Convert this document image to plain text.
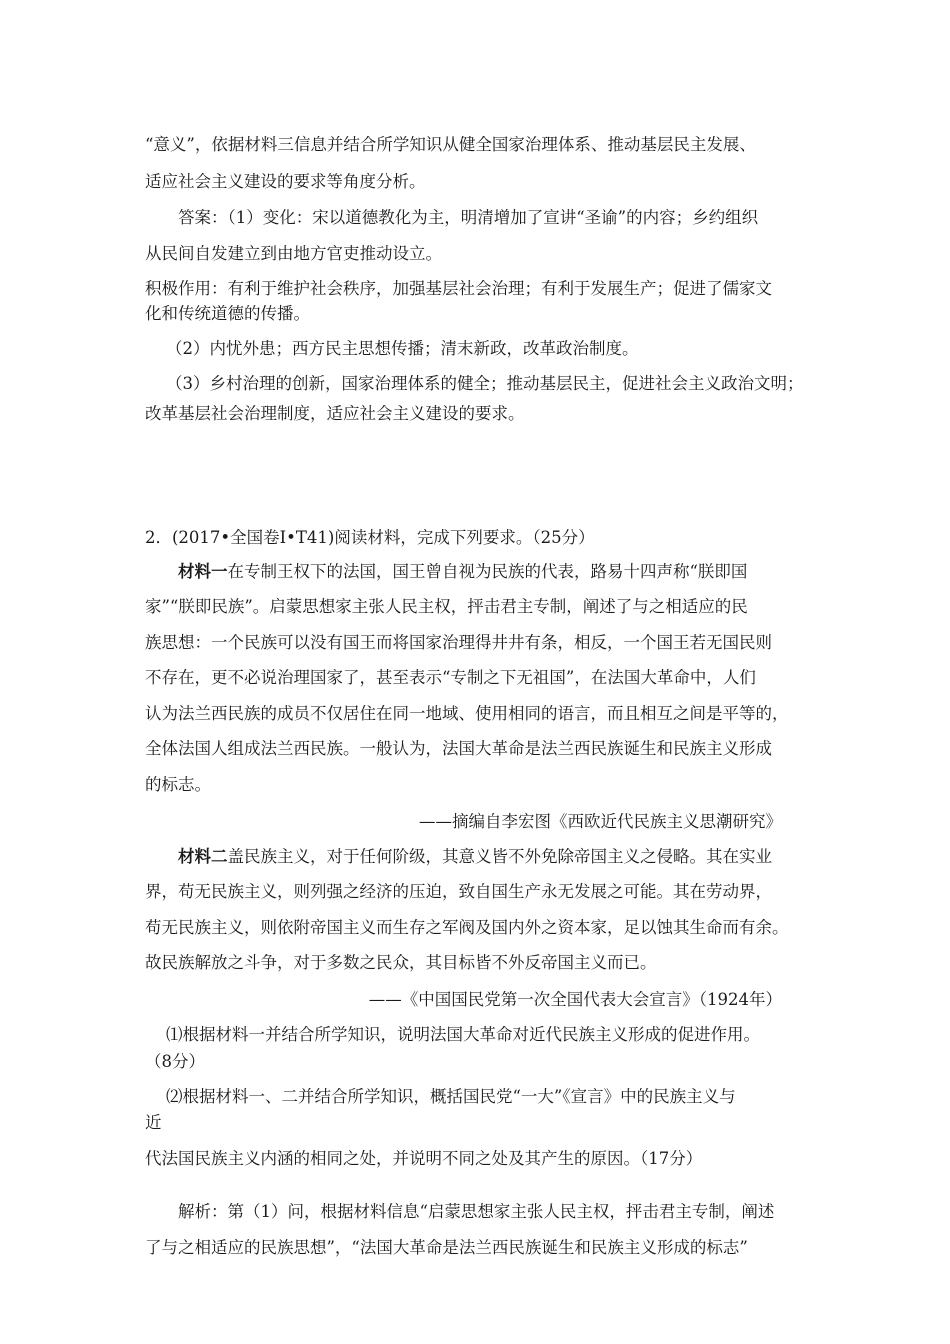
“意义”，依据材料三信息并结合所学知识从健全国家治理体系、推动基层民主发展、

适应社会主义建设的要求等角度分析。

答案：（1）变化：宋以道德教化为主，明清增加了宣讲“圣谕”的内容；乡约组织

从民间自发建立到由地方官吏推动设立。

积极作用：有利于维护社会秩序，加强基层社会治理；有利于发展生产；促进了儒家文

化和传统道德的传播。

（2）内忧外患；西方民主思想传播；清末新政，改革政治制度。

（3）乡村治理的创新，国家治理体系的健全；推动基层民主，促进社会主义政治文明；

改革基层社会治理制度，适应社会主义建设的要求。

2．(2017•全国卷Ⅰ•T41)阅读材料，完成下列要求。（25分）

材料一在专制王权下的法国，国王曾自视为民族的代表，路易十四声称“朕即国

家”“朕即民族”。启蒙思想家主张人民主权，抨击君主专制，阐述了与之相适应的民

族思想：一个民族可以没有国王而将国家治理得井井有条，相反，一个国王若无国民则

不存在，更不必说治理国家了，甚至表示“专制之下无祖国”，在法国大革命中，人们

认为法兰西民族的成员不仅居住在同一地域、使用相同的语言，而且相互之间是平等的，

全体法国人组成法兰西民族。一般认为，法国大革命是法兰西民族诞生和民族主义形成

的标志。

——摘编自李宏图《西欧近代民族主义思潮研究》

材料二盖民族主义，对于任何阶级，其意义皆不外免除帝国主义之侵略。其在实业

界，苟无民族主义，则列强之经济的压迫，致自国生产永无发展之可能。其在劳动界，

苟无民族主义，则依附帝国主义而生存之军阀及国内外之资本家，足以蚀其生命而有余。

故民族解放之斗争，对于多数之民众，其目标皆不外反帝国主义而已。

——《中国国民党第一次全国代表大会宣言》（1924年）

⑴根据材料一并结合所学知识，说明法国大革命对近代民族主义形成的促进作用。

（8分）

⑵根据材料一、二并结合所学知识，概括国民党“一大”《宣言》中的民族主义与

近

代法国民族主义内涵的相同之处，并说明不同之处及其产生的原因。（17分）

解析：第（1）问，根据材料信息“启蒙思想家主张人民主权，抨击君主专制，阐述

了与之相适应的民族思想”，“法国大革命是法兰西民族诞生和民族主义形成的标志”
